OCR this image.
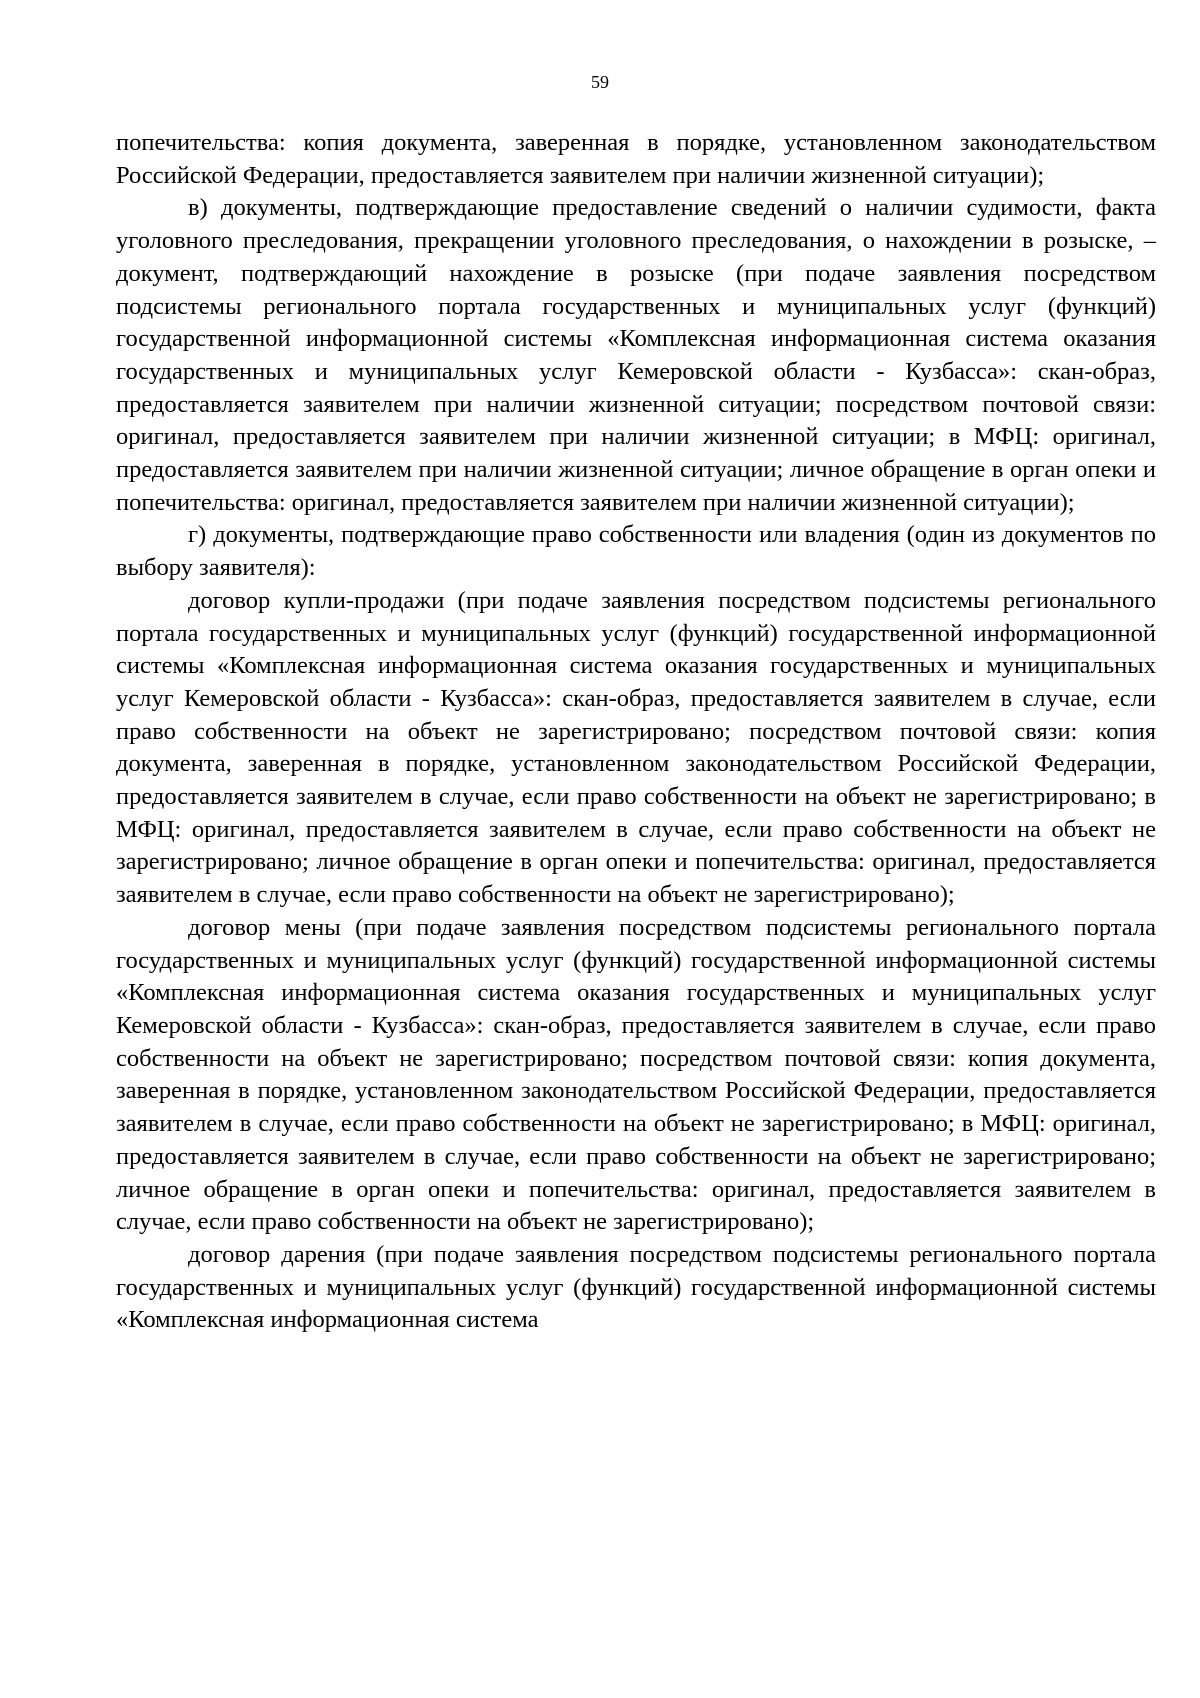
59

попечительства: копия документа, заверенная в порядке, установленном законодательством Российской Федерации, предоставляется заявителем при наличии жизненной ситуации);

в) документы, подтверждающие предоставление сведений о наличии судимости, факта уголовного преследования, прекращении уголовного преследования, о нахождении в розыске, – документ, подтверждающий нахождение в розыске (при подаче заявления посредством подсистемы регионального портала государственных и муниципальных услуг (функций) государственной информационной системы «Комплексная информационная система оказания государственных и муниципальных услуг Кемеровской области - Кузбасса»: скан-образ, предоставляется заявителем при наличии жизненной ситуации; посредством почтовой связи: оригинал, предоставляется заявителем при наличии жизненной ситуации; в МФЦ: оригинал, предоставляется заявителем при наличии жизненной ситуации; личное обращение в орган опеки и попечительства: оригинал, предоставляется заявителем при наличии жизненной ситуации);

г) документы, подтверждающие право собственности или владения (один из документов по выбору заявителя):

договор купли-продажи (при подаче заявления посредством подсистемы регионального портала государственных и муниципальных услуг (функций) государственной информационной системы «Комплексная информационная система оказания государственных и муниципальных услуг Кемеровской области - Кузбасса»: скан-образ, предоставляется заявителем в случае, если право собственности на объект не зарегистрировано; посредством почтовой связи: копия документа, заверенная в порядке, установленном законодательством Российской Федерации, предоставляется заявителем в случае, если право собственности на объект не зарегистрировано; в МФЦ: оригинал, предоставляется заявителем в случае, если право собственности на объект не зарегистрировано; личное обращение в орган опеки и попечительства: оригинал, предоставляется заявителем в случае, если право собственности на объект не зарегистрировано);

договор мены (при подаче заявления посредством подсистемы регионального портала государственных и муниципальных услуг (функций) государственной информационной системы «Комплексная информационная система оказания государственных и муниципальных услуг Кемеровской области - Кузбасса»: скан-образ, предоставляется заявителем в случае, если право собственности на объект не зарегистрировано; посредством почтовой связи: копия документа, заверенная в порядке, установленном законодательством Российской Федерации, предоставляется заявителем в случае, если право собственности на объект не зарегистрировано; в МФЦ: оригинал, предоставляется заявителем в случае, если право собственности на объект не зарегистрировано; личное обращение в орган опеки и попечительства: оригинал, предоставляется заявителем в случае, если право собственности на объект не зарегистрировано);

договор дарения (при подаче заявления посредством подсистемы регионального портала государственных и муниципальных услуг (функций) государственной информационной системы «Комплексная информационная система
